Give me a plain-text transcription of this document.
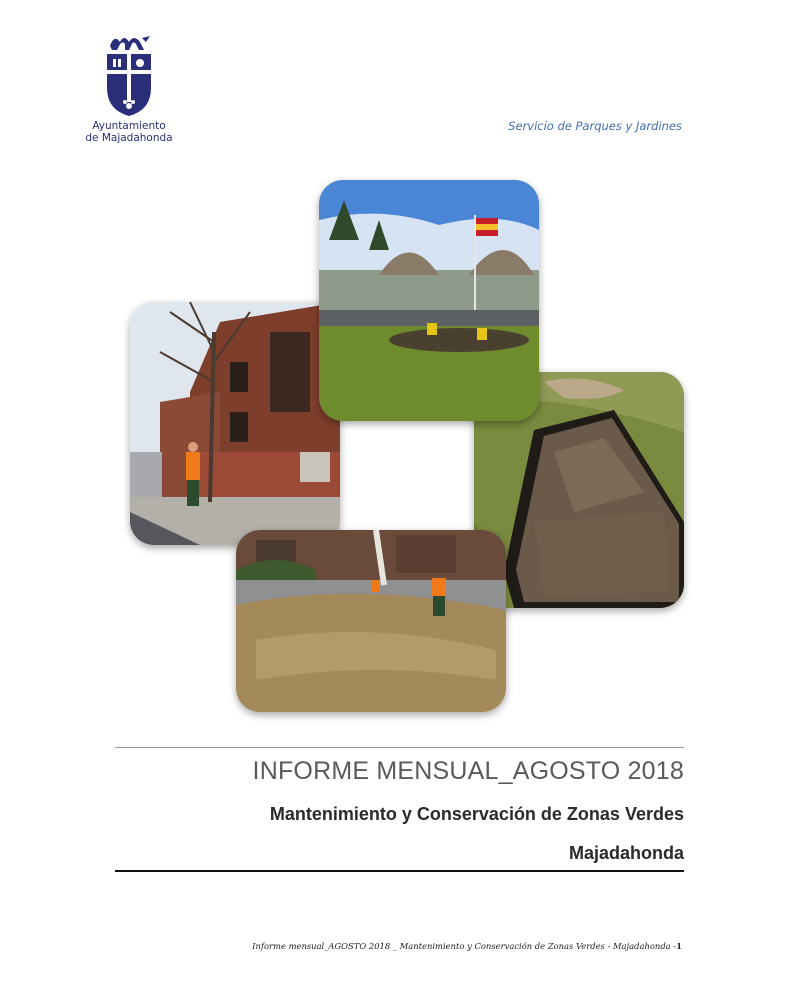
Ayuntamiento
de Majadahonda
Servicio de Parques y Jardines
INFORME MENSUAL_AGOSTO 2018
Mantenimiento y Conservación de Zonas Verdes
Majadahonda
Informe mensual_AGOSTO 2018 _ Mantenimiento y Conservación de Zonas Verdes - Majadahonda -1
